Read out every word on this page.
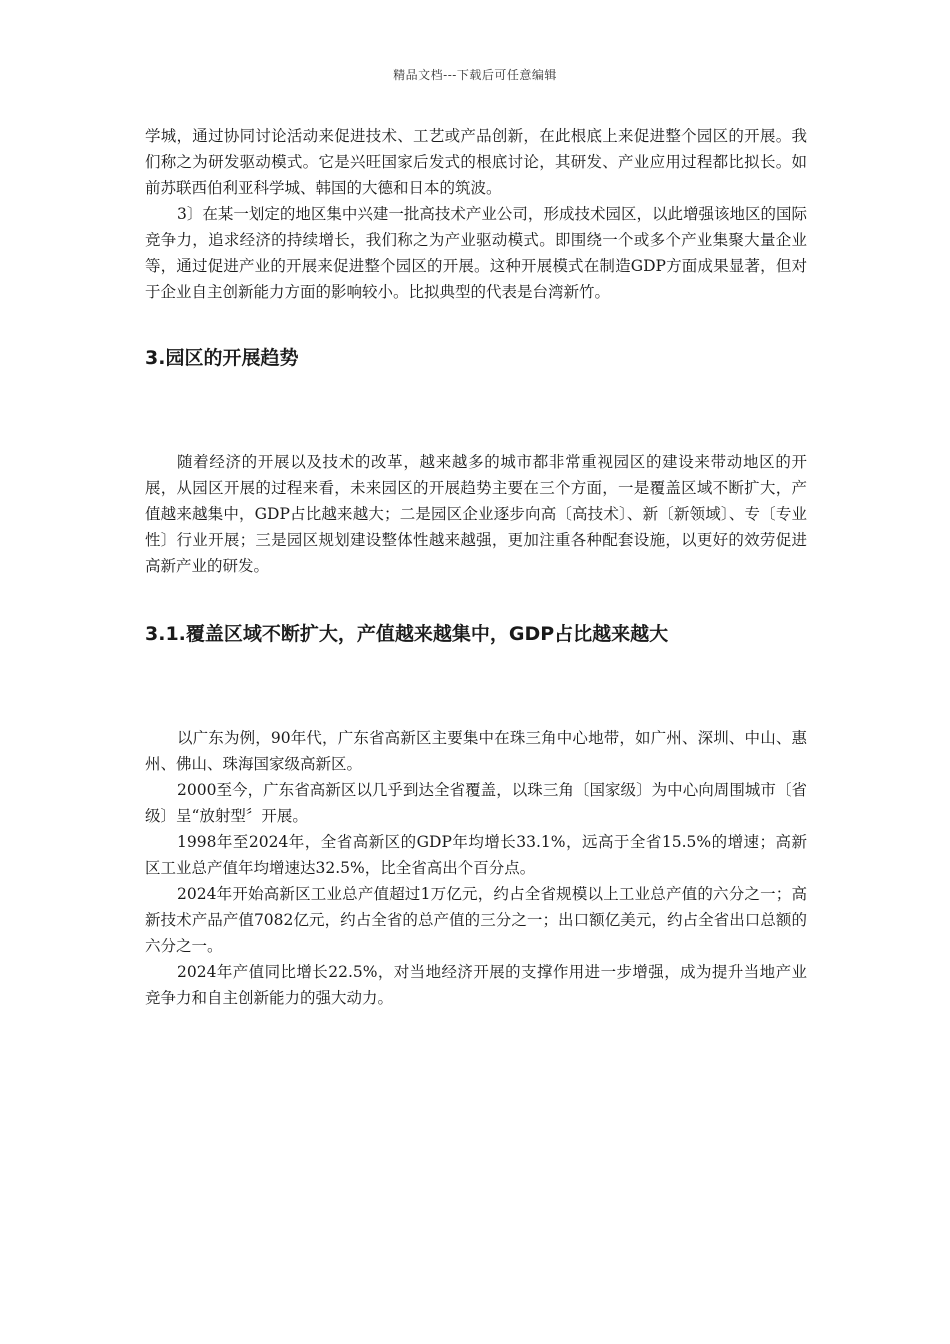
精品文档---下载后可任意编辑

学城，通过协同讨论活动来促进技术、工艺或产品创新，在此根底上来促进整个园区的开展。我们称之为研发驱动模式。它是兴旺国家后发式的根底讨论，其研发、产业应用过程都比拟长。如前苏联西伯利亚科学城、韩国的大德和日本的筑波。

3〕在某一划定的地区集中兴建一批高技术产业公司，形成技术园区，以此增强该地区的国际竞争力，追求经济的持续增长，我们称之为产业驱动模式。即围绕一个或多个产业集聚大量企业等，通过促进产业的开展来促进整个园区的开展。这种开展模式在制造GDP方面成果显著，但对于企业自主创新能力方面的影响较小。比拟典型的代表是台湾新竹。

3.园区的开展趋势

随着经济的开展以及技术的改革，越来越多的城市都非常重视园区的建设来带动地区的开展，从园区开展的过程来看，未来园区的开展趋势主要在三个方面，一是覆盖区域不断扩大，产值越来越集中，GDP占比越来越大；二是园区企业逐步向高〔高技术〕、新〔新领域〕、专〔专业性〕行业开展；三是园区规划建设整体性越来越强，更加注重各种配套设施，以更好的效劳促进高新产业的研发。

3.1.覆盖区域不断扩大，产值越来越集中，GDP占比越来越大

以广东为例，90年代，广东省高新区主要集中在珠三角中心地带，如广州、深圳、中山、惠州、佛山、珠海国家级高新区。

2000至今，广东省高新区以几乎到达全省覆盖，以珠三角〔国家级〕为中心向周围城市〔省级〕呈“放射型〞开展。

1998年至2024年，全省高新区的GDP年均增长33.1%，远高于全省15.5%的增速；高新区工业总产值年均增速达32.5%，比全省高出个百分点。

2024年开始高新区工业总产值超过1万亿元，约占全省规模以上工业总产值的六分之一；高新技术产品产值7082亿元，约占全省的总产值的三分之一；出口额亿美元，约占全省出口总额的六分之一。

2024年产值同比增长22.5%，对当地经济开展的支撑作用进一步增强，成为提升当地产业竞争力和自主创新能力的强大动力。
